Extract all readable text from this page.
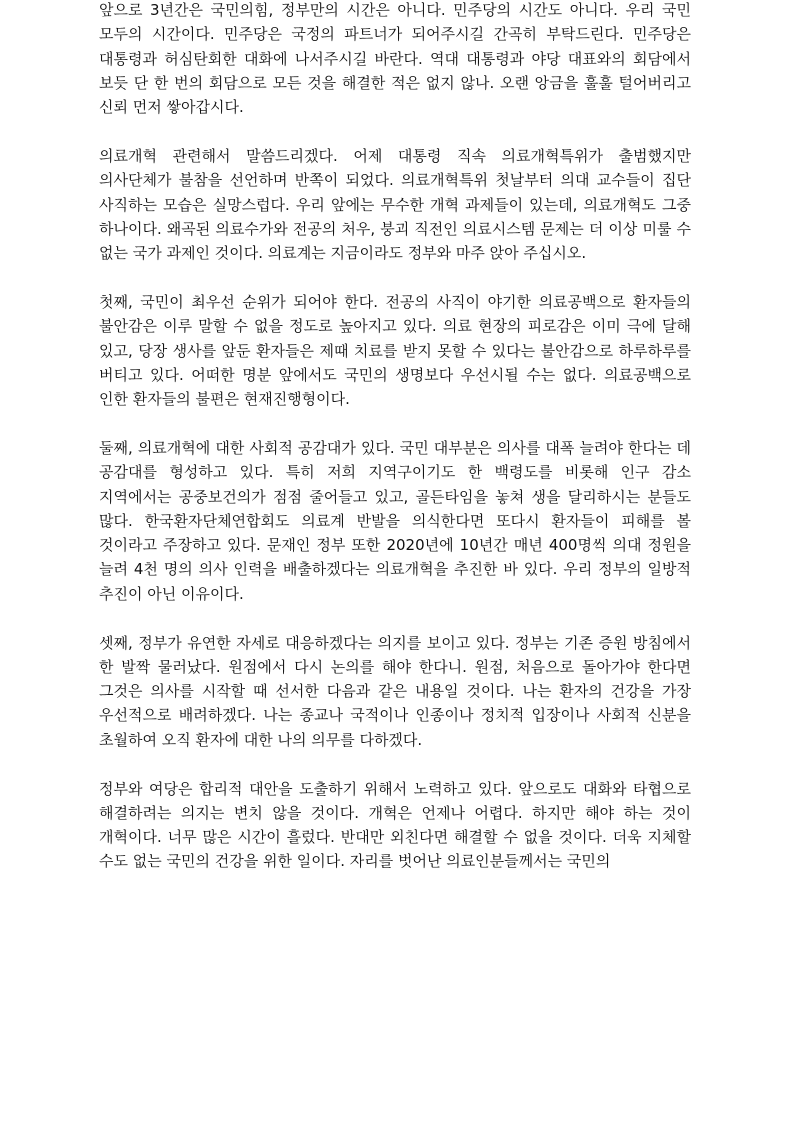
앞으로 3년간은 국민의힘, 정부만의 시간은 아니다. 민주당의 시간도 아니다. 우리 국민 모두의 시간이다. 민주당은 국정의 파트너가 되어주시길 간곡히 부탁드린다. 민주당은 대통령과 허심탄회한 대화에 나서주시길 바란다. 역대 대통령과 야당 대표와의 회담에서 보듯 단 한 번의 회담으로 모든 것을 해결한 적은 없지 않나. 오랜 앙금을 훌훌 털어버리고 신뢰 먼저 쌓아갑시다.

의료개혁 관련해서 말씀드리겠다. 어제 대통령 직속 의료개혁특위가 출범했지만 의사단체가 불참을 선언하며 반쪽이 되었다. 의료개혁특위 첫날부터 의대 교수들이 집단 사직하는 모습은 실망스럽다. 우리 앞에는 무수한 개혁 과제들이 있는데, 의료개혁도 그중 하나이다. 왜곡된 의료수가와 전공의 처우, 붕괴 직전인 의료시스템 문제는 더 이상 미룰 수 없는 국가 과제인 것이다. 의료계는 지금이라도 정부와 마주 앉아 주십시오.

첫째, 국민이 최우선 순위가 되어야 한다. 전공의 사직이 야기한 의료공백으로 환자들의 불안감은 이루 말할 수 없을 정도로 높아지고 있다. 의료 현장의 피로감은 이미 극에 달해 있고, 당장 생사를 앞둔 환자들은 제때 치료를 받지 못할 수 있다는 불안감으로 하루하루를 버티고 있다. 어떠한 명분 앞에서도 국민의 생명보다 우선시될 수는 없다. 의료공백으로 인한 환자들의 불편은 현재진행형이다.

둘째, 의료개혁에 대한 사회적 공감대가 있다. 국민 대부분은 의사를 대폭 늘려야 한다는 데 공감대를 형성하고 있다. 특히 저희 지역구이기도 한 백령도를 비롯해 인구 감소 지역에서는 공중보건의가 점점 줄어들고 있고, 골든타임을 놓쳐 생을 달리하시는 분들도 많다. 한국환자단체연합회도 의료계 반발을 의식한다면 또다시 환자들이 피해를 볼 것이라고 주장하고 있다. 문재인 정부 또한 2020년에 10년간 매년 400명씩 의대 정원을 늘려 4천 명의 의사 인력을 배출하겠다는 의료개혁을 추진한 바 있다. 우리 정부의 일방적 추진이 아닌 이유이다.

셋째, 정부가 유연한 자세로 대응하겠다는 의지를 보이고 있다. 정부는 기존 증원 방침에서 한 발짝 물러났다. 원점에서 다시 논의를 해야 한다니. 원점, 처음으로 돌아가야 한다면 그것은 의사를 시작할 때 선서한 다음과 같은 내용일 것이다. 나는 환자의 건강을 가장 우선적으로 배려하겠다. 나는 종교나 국적이나 인종이나 정치적 입장이나 사회적 신분을 초월하여 오직 환자에 대한 나의 의무를 다하겠다.

정부와 여당은 합리적 대안을 도출하기 위해서 노력하고 있다. 앞으로도 대화와 타협으로 해결하려는 의지는 변치 않을 것이다. 개혁은 언제나 어렵다. 하지만 해야 하는 것이 개혁이다. 너무 많은 시간이 흘렀다. 반대만 외친다면 해결할 수 없을 것이다. 더욱 지체할 수도 없는 국민의 건강을 위한 일이다. 자리를 벗어난 의료인분들께서는 국민의
